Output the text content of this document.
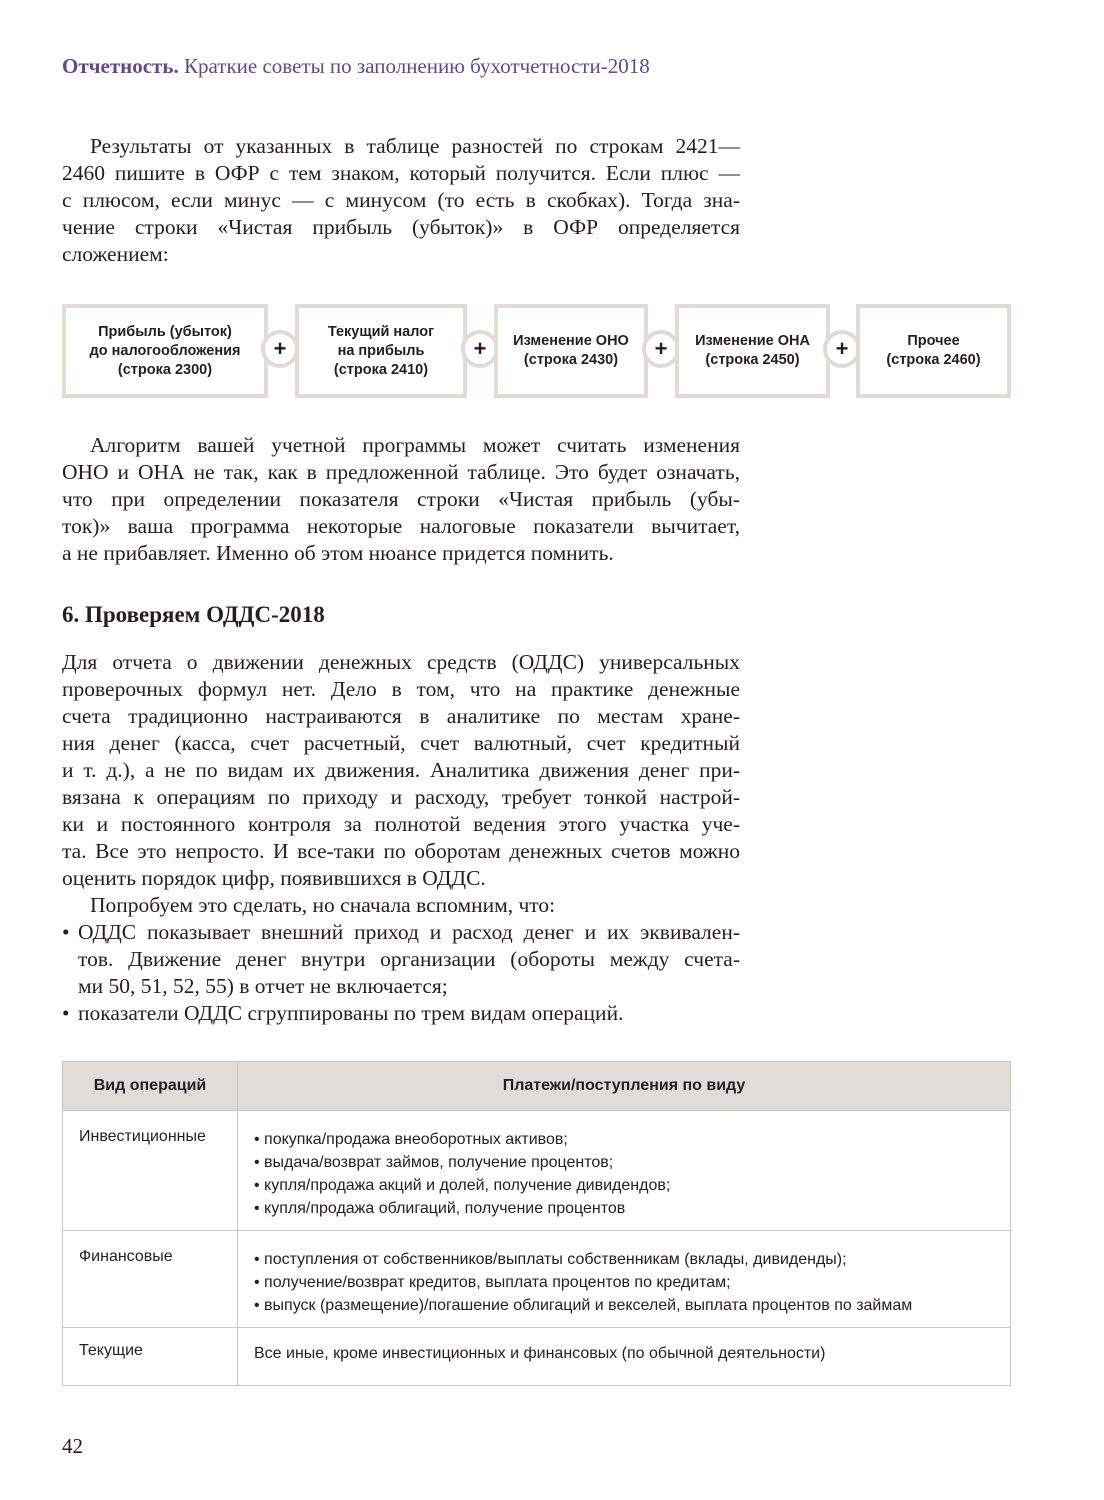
Отчетность. Краткие советы по заполнению бухотчетности-2018
Результаты от указанных в таблице разностей по строкам 2421—
2460 пишите в ОФР с тем знаком, который получится. Если плюс —
с плюсом, если минус — с минусом (то есть в скобках). Тогда зна-
чение строки «Чистая прибыль (убыток)» в ОФР определяется
сложением:
Прибыль (убыток)
до налогообложения
(строка 2300)
+
Текущий налог
на прибыль
(строка 2410)
+	Изменение ОНО
(строка 2430)	+	Изменение ОНА
(строка 2450)	+	Прочее
(строка 2460)
Алгоритм вашей учетной программы может считать изменения
ОНО и ОНА не так, как в предложенной таблице. Это будет означать,
что при определении показателя строки «Чистая прибыль (убы-
ток)» ваша программа некоторые налоговые показатели вычитает,
а не прибавляет. Именно об этом нюансе придется помнить.
6. Проверяем ОДДС-2018
Для отчета о движении денежных средств (ОДДС) универсальных
проверочных формул нет. Дело в том, что на практике денежные
счета традиционно настраиваются в аналитике по местам хране-
ния денег (касса, счет расчетный, счет валютный, счет кредитный
и т. д.), а не по видам их движения. Аналитика движения денег при-
вязана к операциям по приходу и расходу, требует тонкой настрой-
ки и постоянного контроля за полнотой ведения этого участка уче-
та. Все это непросто. И все-таки по оборотам денежных счетов можно
оценить порядок цифр, появившихся в ОДДС.
Попробуем это сделать, но сначала вспомним, что:
• ОДДС показывает внешний приход и расход денег и их эквивален-
тов. Движение денег внутри организации (обороты между счета-
ми 50, 51, 52, 55) в отчет не включается;
• показатели ОДДС сгруппированы по трем видам операций.
Вид операций	Платежи/поступления по виду
Инвестиционные	• покупка/продажа внеоборотных активов;
• выдача/возврат займов, получение процентов;
• купля/продажа акций и долей, получение дивидендов;
• купля/продажа облигаций, получение процентов

Финансовые	• поступления от собственников/выплаты собственникам (вклады, дивиденды);
• получение/возврат кредитов, выплата процентов по кредитам;
• выпуск (размещение)/погашение облигаций и векселей, выплата процентов по займам

Текущие	Все иные, кроме инвестиционных и финансовых (по обычной деятельности)
42
